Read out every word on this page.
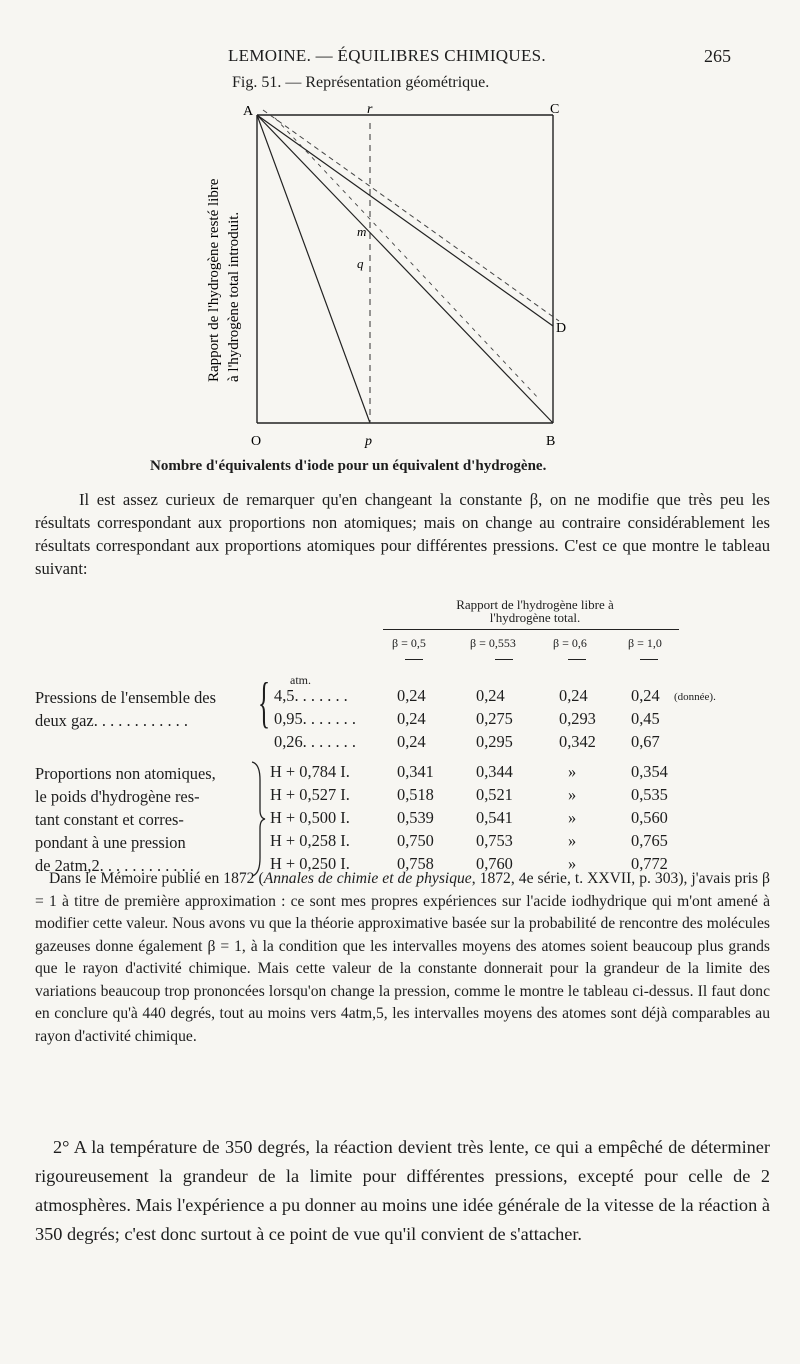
LEMOINE. — ÉQUILIBRES CHIMIQUES.	265
Fig. 51. — Représentation géométrique.
A	r	C
m
q
D
O	p	B
Rapport de l'hydrogène resté libre à l'hydrogène total introduit.
Nombre d'équivalents d'iode pour un équivalent d'hydrogène.
Il est assez curieux de remarquer qu'en changeant la constante β, on ne modifie que très peu les résultats correspondant aux proportions non atomiques; mais on change au contraire considérablement les résultats correspondant aux proportions atomiques pour différentes pressions. C'est ce que montre le tableau suivant:
Rapport de l'hydrogène libre à l'hydrogène total.
β = 0,5	β = 0,553	β = 0,6	β = 1,0
atm.
Pressions de l'ensemble des
deux gaz. . . . . . . . . . . . { 4,5. . . . . . .	0,24	0,24	0,24	0,24 (donnée).
0,95. . . . . . .	0,24	0,275	0,293 0,45
0,26. . . . . . .	0,24	0,295	0,342 0,67
Proportions non atomiques,
le poids d'hydrogène res-
tant constant et corres-
pondant à une pression
de 2atm,2. . . . . . . . . . . .
H + 0,784 I.	0,341	0,344	»	0,354
H + 0,527 I.	0,518	0,521	»	0,535
H + 0,500 I.	0,539	0,541	»	0,560
H + 0,258 I.	0,750	0,753	»	0,765
H + 0,250 I.	0,758	0,760	»	0,772
Dans le Mémoire publié en 1872 (Annales de chimie et de physique, 1872, 4e série, t. XXVII, p. 303), j'avais pris β = 1 à titre de première approximation : ce sont mes propres expériences sur l'acide iodhydrique qui m'ont amené à modifier cette valeur. Nous avons vu que la théorie approximative basée sur la probabilité de rencontre des molécules gazeuses donne également β = 1, à la condition que les intervalles moyens des atomes soient beaucoup plus grands que le rayon d'activité chimique. Mais cette valeur de la constante donnerait pour la grandeur de la limite des variations beaucoup trop prononcées lorsqu'on change la pression, comme le montre le tableau ci-dessus. Il faut donc en conclure qu'à 440 degrés, tout au moins vers 4atm,5, les intervalles moyens des atomes sont déjà comparables au rayon d'activité chimique.
2° A la température de 350 degrés, la réaction devient très lente, ce qui a empêché de déterminer rigoureusement la grandeur de la limite pour différentes pressions, excepté pour celle de 2 atmosphères. Mais l'expérience a pu donner au moins une idée générale de la vitesse de la réaction à 350 degrés; c'est donc surtout à ce point de vue qu'il convient de s'attacher.
